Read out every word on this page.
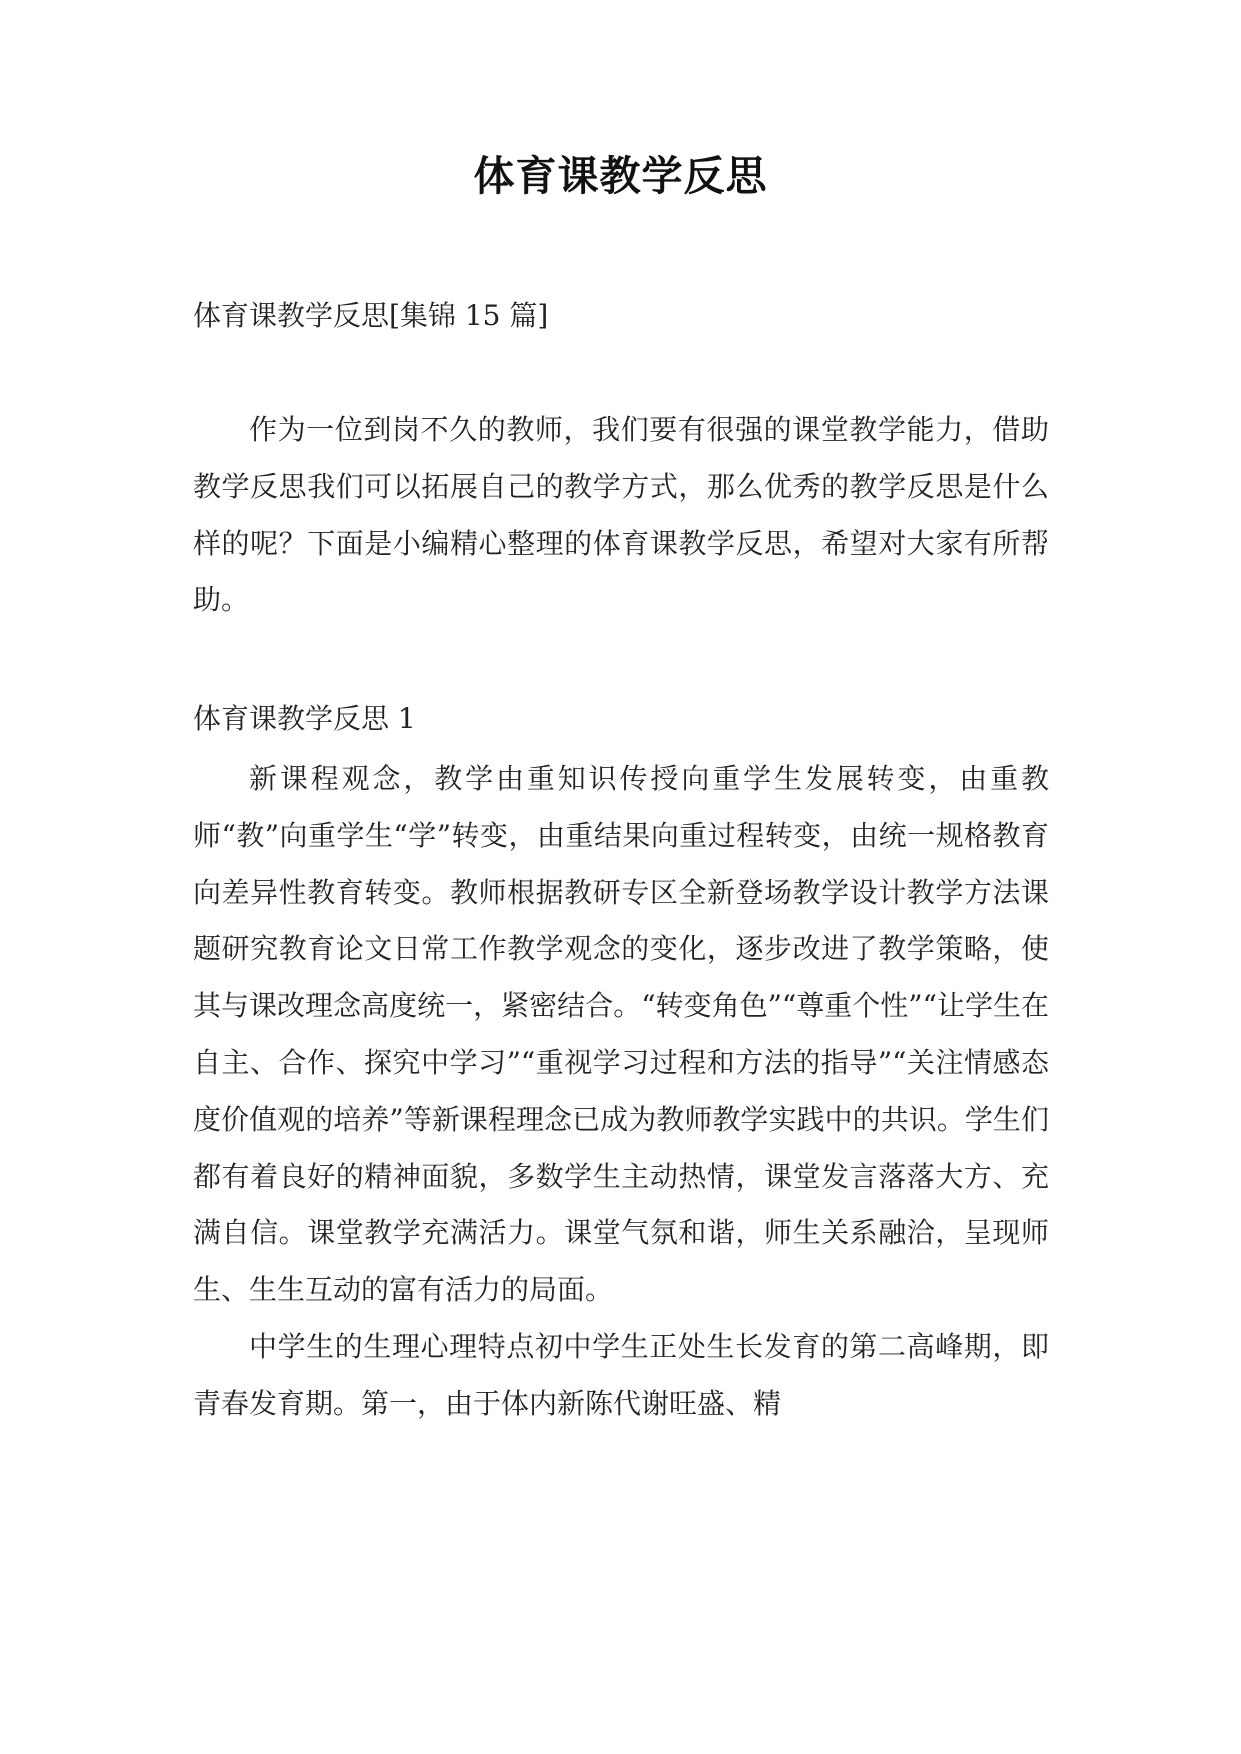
体育课教学反思
体育课教学反思[集锦 15 篇]

作为一位到岗不久的教师，我们要有很强的课堂教学能力，借助教学反思我们可以拓展自己的教学方式，那么优秀的教学反思是什么样的呢？下面是小编精心整理的体育课教学反思，希望对大家有所帮助。

体育课教学反思 1

新课程观念，教学由重知识传授向重学生发展转变，由重教师“教”向重学生“学”转变，由重结果向重过程转变，由统一规格教育向差异性教育转变。教师根据教研专区全新登场教学设计教学方法课题研究教育论文日常工作教学观念的变化，逐步改进了教学策略，使其与课改理念高度统一，紧密结合。“转变角色”“尊重个性”“让学生在自主、合作、探究中学习”“重视学习过程和方法的指导”“关注情感态度价值观的培养”等新课程理念已成为教师教学实践中的共识。学生们都有着良好的精神面貌，多数学生主动热情，课堂发言落落大方、充满自信。课堂教学充满活力。课堂气氛和谐，师生关系融洽，呈现师生、生生互动的富有活力的局面。

中学生的生理心理特点初中学生正处生长发育的第二高峰期，即青春发育期。第一，由于体内新陈代谢旺盛、精
